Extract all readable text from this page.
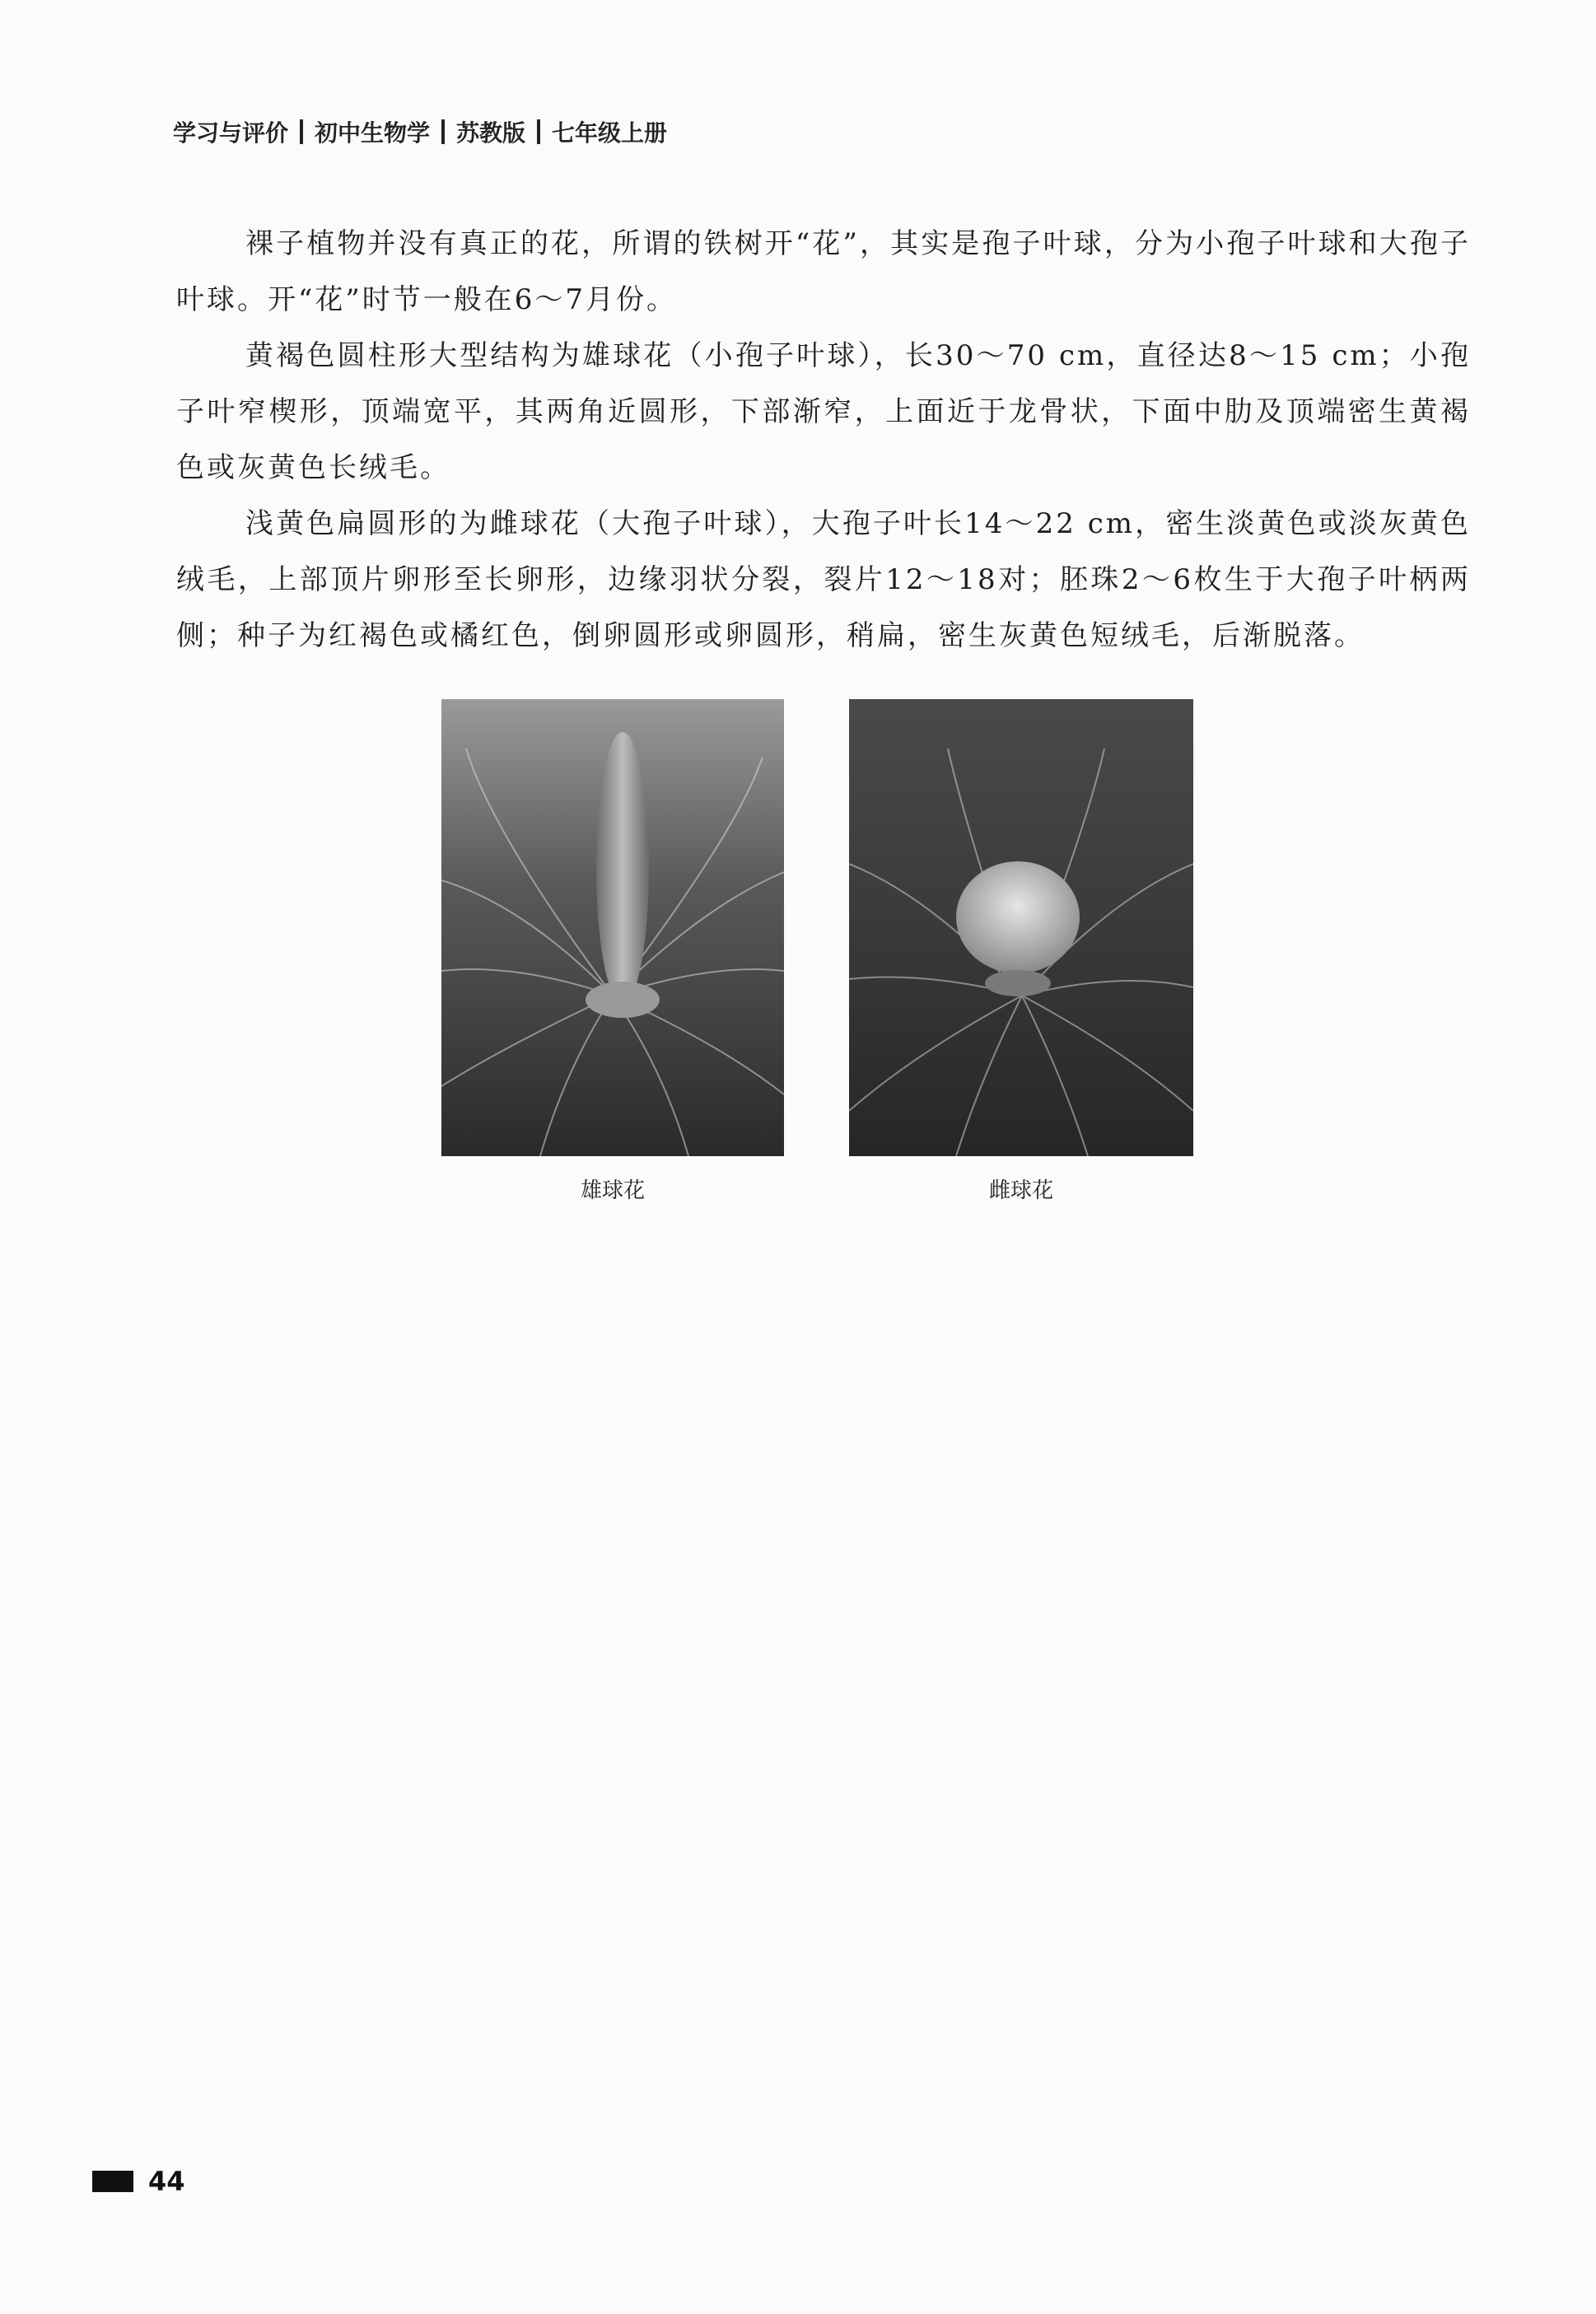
学习与评价 初中生物学 苏教版 七年级上册

裸子植物并没有真正的花，所谓的铁树开“花”，其实是孢子叶球，分为小孢子叶球和大孢子叶球。开“花”时节一般在6～7月份。

黄褐色圆柱形大型结构为雄球花（小孢子叶球），长30～70 cm，直径达8～15 cm；小孢子叶窄楔形，顶端宽平，其两角近圆形，下部渐窄，上面近于龙骨状，下面中肋及顶端密生黄褐色或灰黄色长绒毛。

浅黄色扁圆形的为雌球花（大孢子叶球），大孢子叶长14～22 cm，密生淡黄色或淡灰黄色绒毛，上部顶片卵形至长卵形，边缘羽状分裂，裂片12～18对；胚珠2～6枚生于大孢子叶柄两侧；种子为红褐色或橘红色，倒卵圆形或卵圆形，稍扁，密生灰黄色短绒毛，后渐脱落。

雄球花	雌球花
44
